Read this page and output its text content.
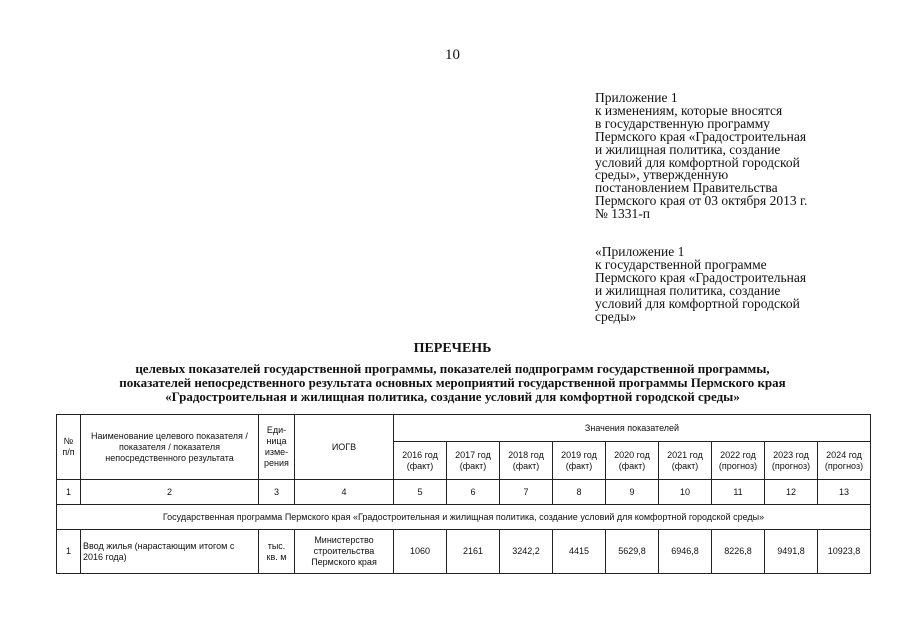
10
Приложение 1
к изменениям, которые вносятся
в государственную программу
Пермского края «Градостроительная
и жилищная политика, создание
условий для комфортной городской
среды», утвержденную
постановлением Правительства
Пермского края от 03 октября 2013 г.
№ 1331-п
«Приложение 1
к государственной программе
Пермского края «Градостроительная
и жилищная политика, создание
условий для комфортной городской
среды»
ПЕРЕЧЕНЬ
целевых показателей государственной программы, показателей подпрограмм государственной программы,
показателей непосредственного результата основных мероприятий государственной программы Пермского края
«Градостроительная и жилищная политика, создание условий для комфортной городской среды»
№ п/п	Наименование целевого показателя / показателя / показателя непосредственного результата	Еди-ница изме-рения	ИОГВ	Значения показателей								
				2016 год (факт)	2017 год (факт)	2018 год (факт)	2019 год (факт)	2020 год (факт)	2021 год (факт)	2022 год (прогноз)	2023 год (прогноз)	2024 год (прогноз)
1	2	3	4	5	6	7	8	9	10	11	12	13
Государственная программа Пермского края «Градостроительная и жилищная политика, создание условий для комфортной городской среды»												
1	Ввод жилья (нарастающим итогом с 2016 года)	тыс. кв. м	Министерство строительства Пермского края	1060	2161	3242,2	4415	5629,8	6946,8	8226,8	9491,8	10923,8
